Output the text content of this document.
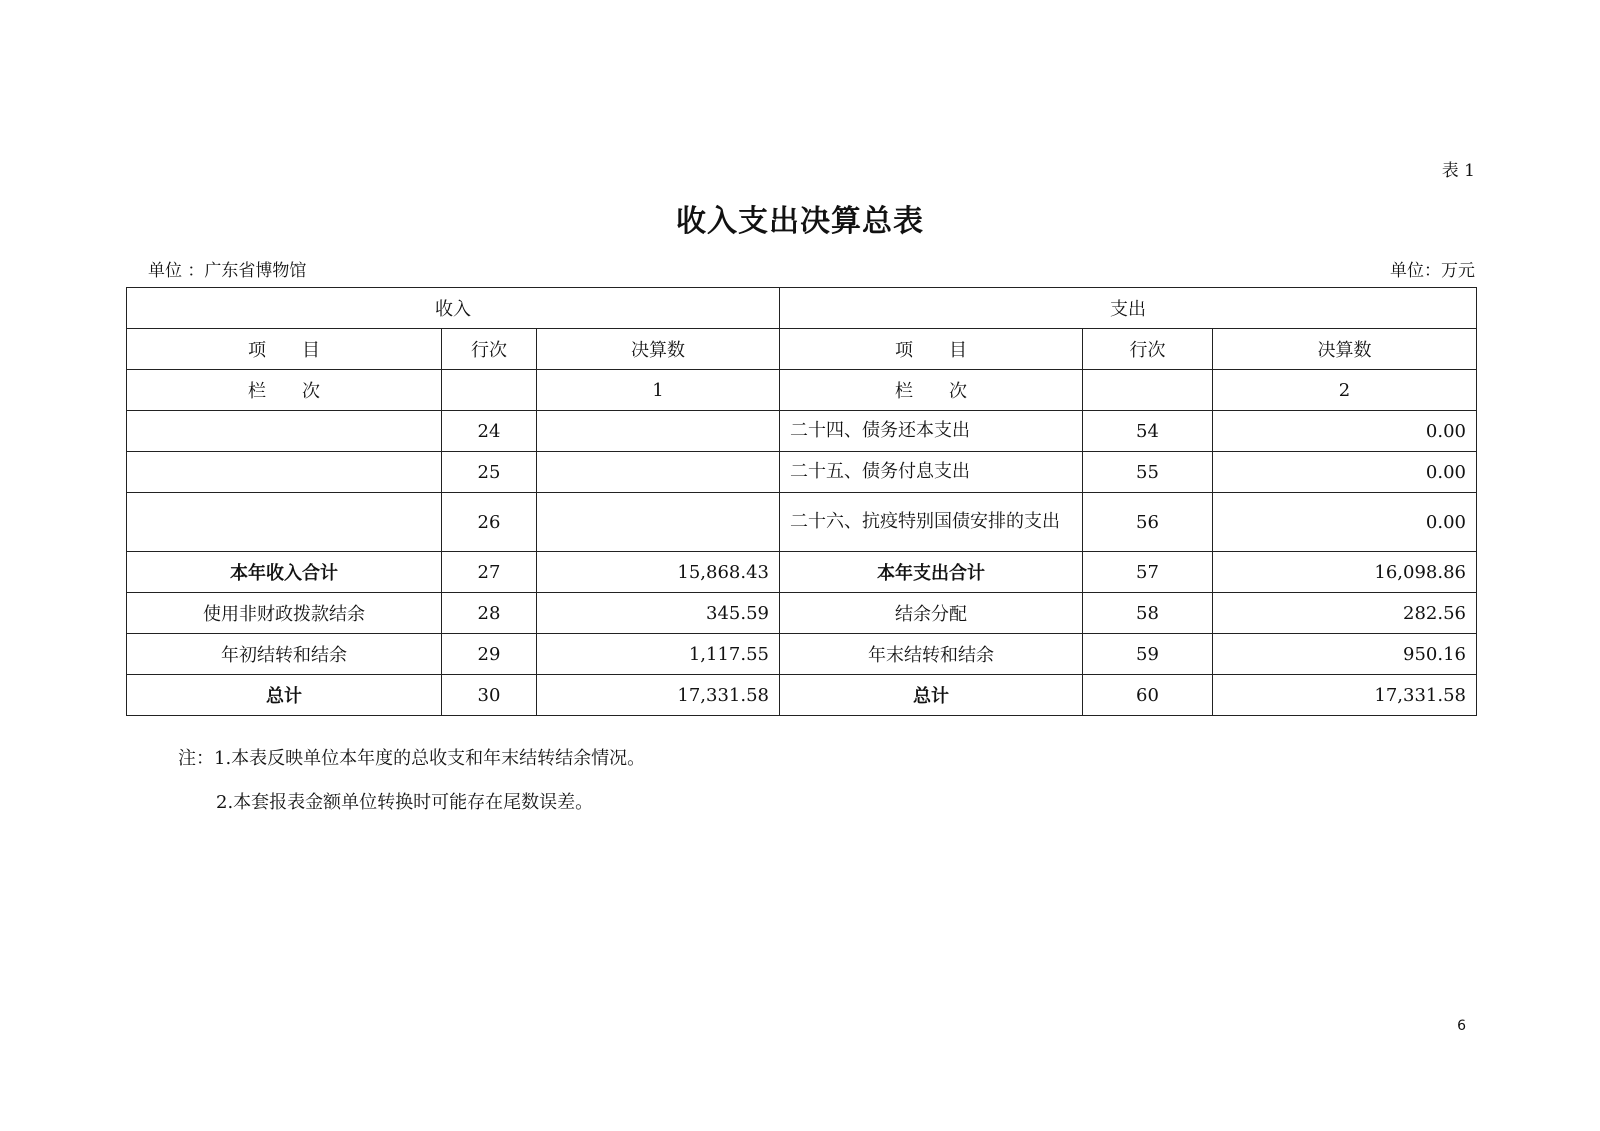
表 1
收入支出决算总表
单位 ：广东省博物馆	单位：万元
收入			支出		
项　　目	行次	决算数	项　　目	行次	决算数
栏　　次		1	栏　　次		2
	24		二十四、债务还本支出	54	0.00
	25		二十五、债务付息支出	55	0.00
	26		二十六、抗疫特别国债安排的支出	56	0.00
本年收入合计	27	15,868.43	本年支出合计	57	16,098.86
使用非财政拨款结余	28	345.59	结余分配	58	282.56
年初结转和结余	29	1,117.55	年末结转和结余	59	950.16
总计	30	17,331.58	总计	60	17,331.58
注：1.本表反映单位本年度的总收支和年末结转结余情况。
2.本套报表金额单位转换时可能存在尾数误差。
6
